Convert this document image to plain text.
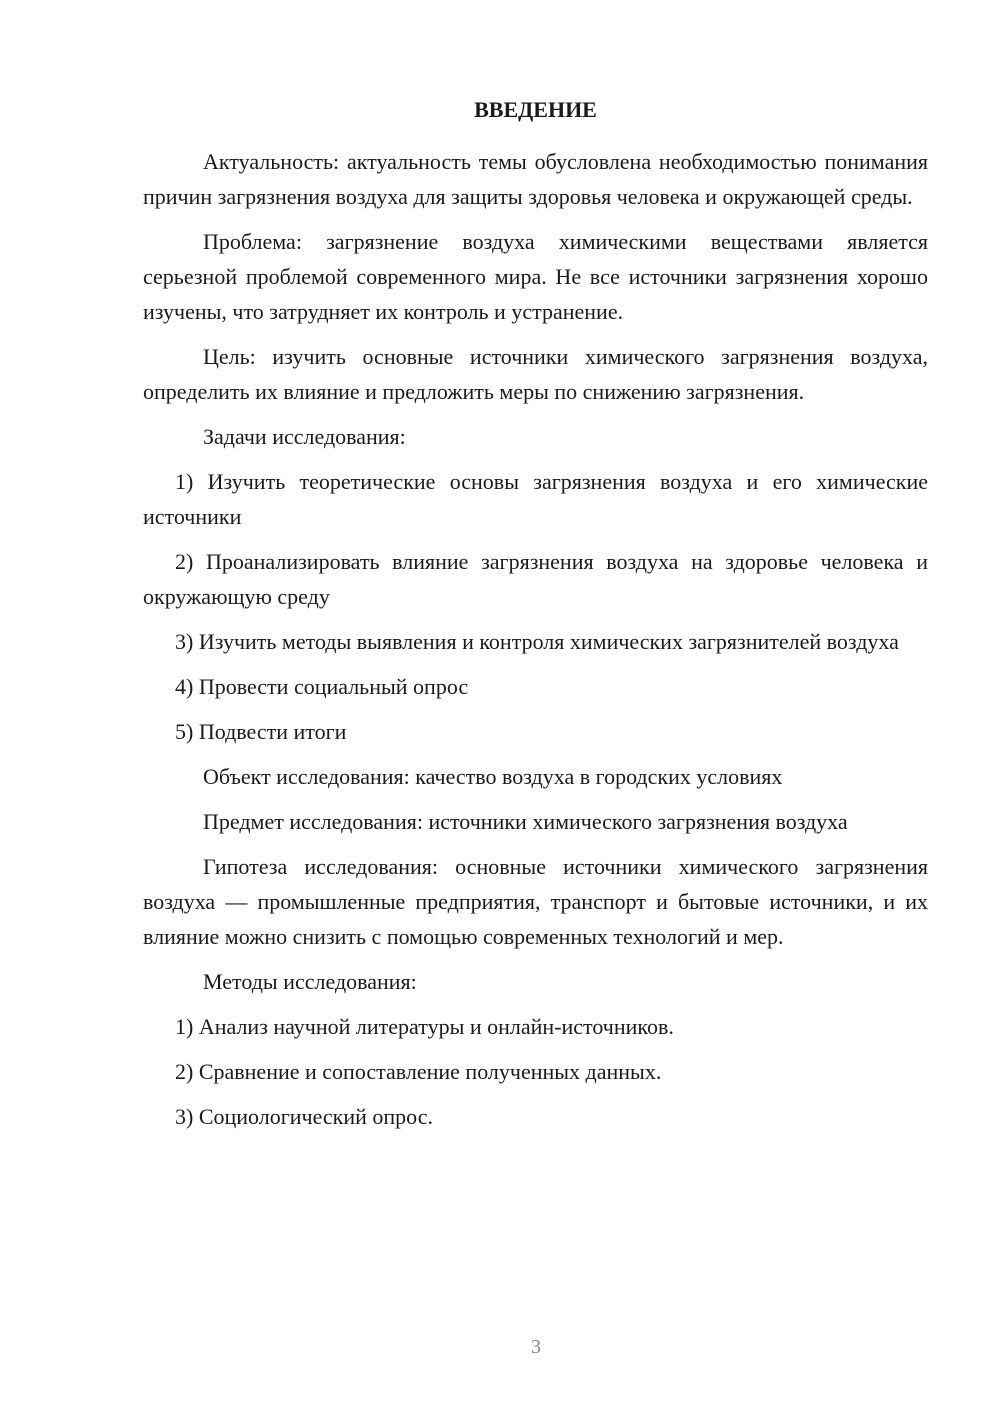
ВВЕДЕНИЕ

Актуальность: актуальность темы обусловлена необходимостью понимания причин загрязнения воздуха для защиты здоровья человека и окружающей среды.

Проблема: загрязнение воздуха химическими веществами является серьезной проблемой современного мира. Не все источники загрязнения хорошо изучены, что затрудняет их контроль и устранение.

Цель: изучить основные источники химического загрязнения воздуха, определить их влияние и предложить меры по снижению загрязнения.

Задачи исследования:

1) Изучить теоретические основы загрязнения воздуха и его химические источники

2) Проанализировать влияние загрязнения воздуха на здоровье человека и окружающую среду

3) Изучить методы выявления и контроля химических загрязнителей воздуха

4) Провести социальный опрос

5) Подвести итоги

Объект исследования: качество воздуха в городских условиях

Предмет исследования: источники химического загрязнения воздуха

Гипотеза исследования: основные источники химического загрязнения воздуха — промышленные предприятия, транспорт и бытовые источники, и их влияние можно снизить с помощью современных технологий и мер.

Методы исследования:

1) Анализ научной литературы и онлайн-источников.

2) Сравнение и сопоставление полученных данных.

3) Социологический опрос.

3
